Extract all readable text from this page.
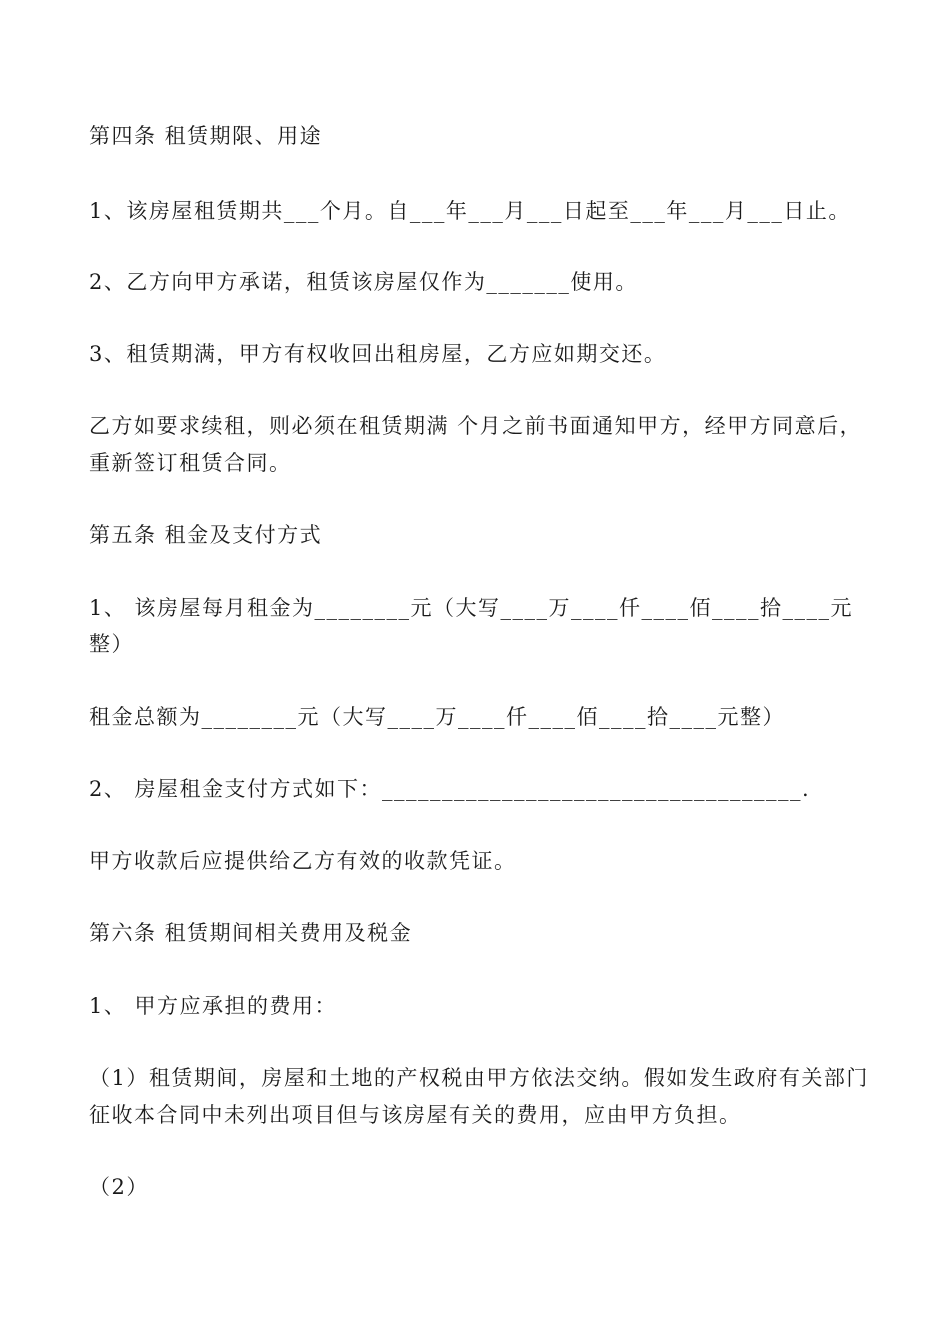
第四条 租赁期限、用途

1、该房屋租赁期共___个月。自___年___月___日起至___年___月___日止。

2、乙方向甲方承诺，租赁该房屋仅作为_______使用。

3、租赁期满，甲方有权收回出租房屋，乙方应如期交还。

乙方如要求续租，则必须在租赁期满 个月之前书面通知甲方，经甲方同意后，

重新签订租赁合同。

第五条 租金及支付方式

1、 该房屋每月租金为________元（大写____万____仟____佰____拾____元

整）

租金总额为________元（大写____万____仟____佰____拾____元整）

2、 房屋租金支付方式如下：___________________________________.

甲方收款后应提供给乙方有效的收款凭证。

第六条 租赁期间相关费用及税金

1、 甲方应承担的费用：

（1）租赁期间，房屋和土地的产权税由甲方依法交纳。假如发生政府有关部门

征收本合同中未列出项目但与该房屋有关的费用，应由甲方负担。

（2）
